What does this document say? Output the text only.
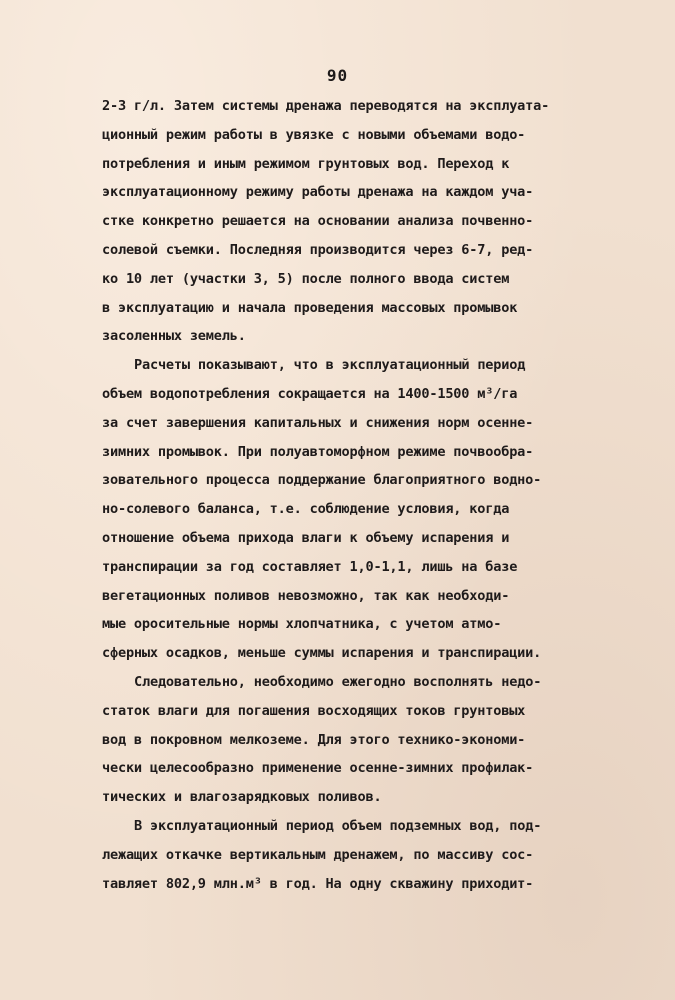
90
2-3 г/л. Затем системы дренажа переводятся на эксплуата-
ционный режим работы в увязке с новыми объемами водо-
потребления и иным режимом грунтовых вод. Переход к
эксплуатационному режиму работы дренажа на каждом уча-
стке конкретно решается на основании анализа почвенно-
солевой съемки. Последняя производится через 6-7, ред-
ко 10 лет (участки 3, 5) после полного ввода систем
в эксплуатацию и начала проведения массовых промывок
засоленных земель.
Расчеты показывают, что в эксплуатационный период
объем водопотребления сокращается на 1400-1500 м³/га
за счет завершения капитальных и снижения норм осенне-
зимних промывок. При полуавтоморфном режиме почвообра-
зовательного процесса поддержание благоприятного водно-
но-солевого баланса, т.е. соблюдение условия, когда
отношение объема прихода влаги к объему испарения и
транспирации за год составляет 1,0-1,1, лишь на базе
вегетационных поливов невозможно, так как необходи-
мые оросительные нормы хлопчатника, с учетом атмо-
сферных осадков, меньше суммы испарения и транспирации.
Следовательно, необходимо ежегодно восполнять недо-
статок влаги для погашения восходящих токов грунтовых
вод в покровном мелкоземе. Для этого технико-экономи-
чески целесообразно применение осенне-зимних профилак-
тических и влагозарядковых поливов.
В эксплуатационный период объем подземных вод, под-
лежащих откачке вертикальным дренажем, по массиву сос-
тавляет 802,9 млн.м³ в год. На одну скважину приходит-
